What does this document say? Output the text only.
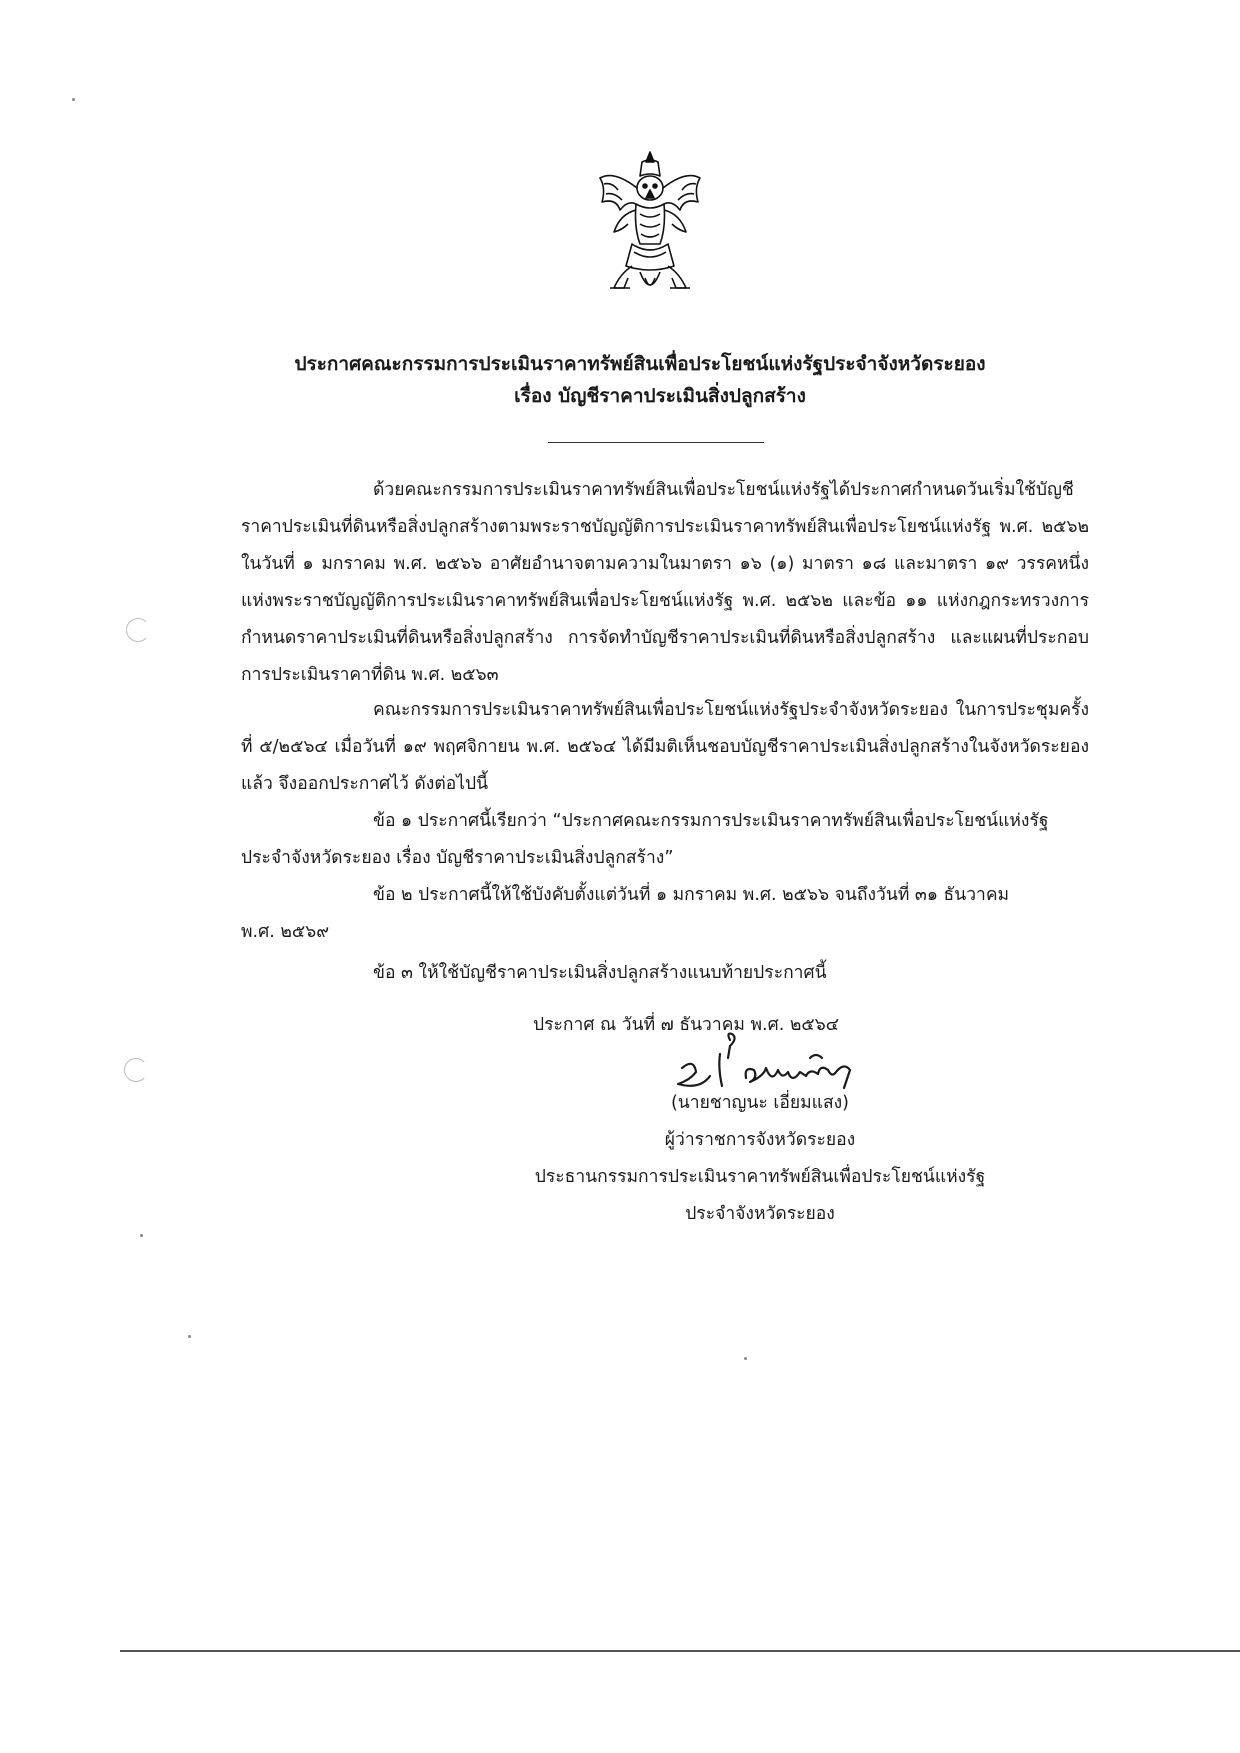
ประกาศคณะกรรมการประเมินราคาทรัพย์สินเพื่อประโยชน์แห่งรัฐประจำจังหวัดระยอง
เรื่อง บัญชีราคาประเมินสิ่งปลูกสร้าง
ด้วยคณะกรรมการประเมินราคาทรัพย์สินเพื่อประโยชน์แห่งรัฐได้ประกาศกำหนดวันเริ่มใช้บัญชีราคาประเมินที่ดินหรือสิ่งปลูกสร้างตามพระราชบัญญัติการประเมินราคาทรัพย์สินเพื่อประโยชน์แห่งรัฐ พ.ศ. ๒๕๖๒ ในวันที่ ๑ มกราคม พ.ศ. ๒๕๖๖ อาศัยอำนาจตามความในมาตรา ๑๖ (๑) มาตรา ๑๘ และมาตรา ๑๙ วรรคหนึ่ง แห่งพระราชบัญญัติการประเมินราคาทรัพย์สินเพื่อประโยชน์แห่งรัฐ พ.ศ. ๒๕๖๒ และข้อ ๑๑ แห่งกฎกระทรวงการกำหนดราคาประเมินที่ดินหรือสิ่งปลูกสร้าง การจัดทำบัญชีราคาประเมินที่ดินหรือสิ่งปลูกสร้าง และแผนที่ประกอบการประเมินราคาที่ดิน พ.ศ. ๒๕๖๓
คณะกรรมการประเมินราคาทรัพย์สินเพื่อประโยชน์แห่งรัฐประจำจังหวัดระยอง ในการประชุมครั้งที่ ๕/๒๕๖๔ เมื่อวันที่ ๑๙ พฤศจิกายน พ.ศ. ๒๕๖๔ ได้มีมติเห็นชอบบัญชีราคาประเมินสิ่งปลูกสร้างในจังหวัดระยองแล้ว จึงออกประกาศไว้ ดังต่อไปนี้
ข้อ ๑ ประกาศนี้เรียกว่า “ประกาศคณะกรรมการประเมินราคาทรัพย์สินเพื่อประโยชน์แห่งรัฐ
ประจำจังหวัดระยอง เรื่อง บัญชีราคาประเมินสิ่งปลูกสร้าง”
ข้อ ๒ ประกาศนี้ให้ใช้บังคับตั้งแต่วันที่ ๑ มกราคม พ.ศ. ๒๕๖๖ จนถึงวันที่ ๓๑ ธันวาคม
พ.ศ. ๒๕๖๙
ข้อ ๓ ให้ใช้บัญชีราคาประเมินสิ่งปลูกสร้างแนบท้ายประกาศนี้
ประกาศ ณ วันที่ ๗ ธันวาคม พ.ศ. ๒๕๖๔
(นายชาญนะ เอี่ยมแสง)
ผู้ว่าราชการจังหวัดระยอง
ประธานกรรมการประเมินราคาทรัพย์สินเพื่อประโยชน์แห่งรัฐ
ประจำจังหวัดระยอง
